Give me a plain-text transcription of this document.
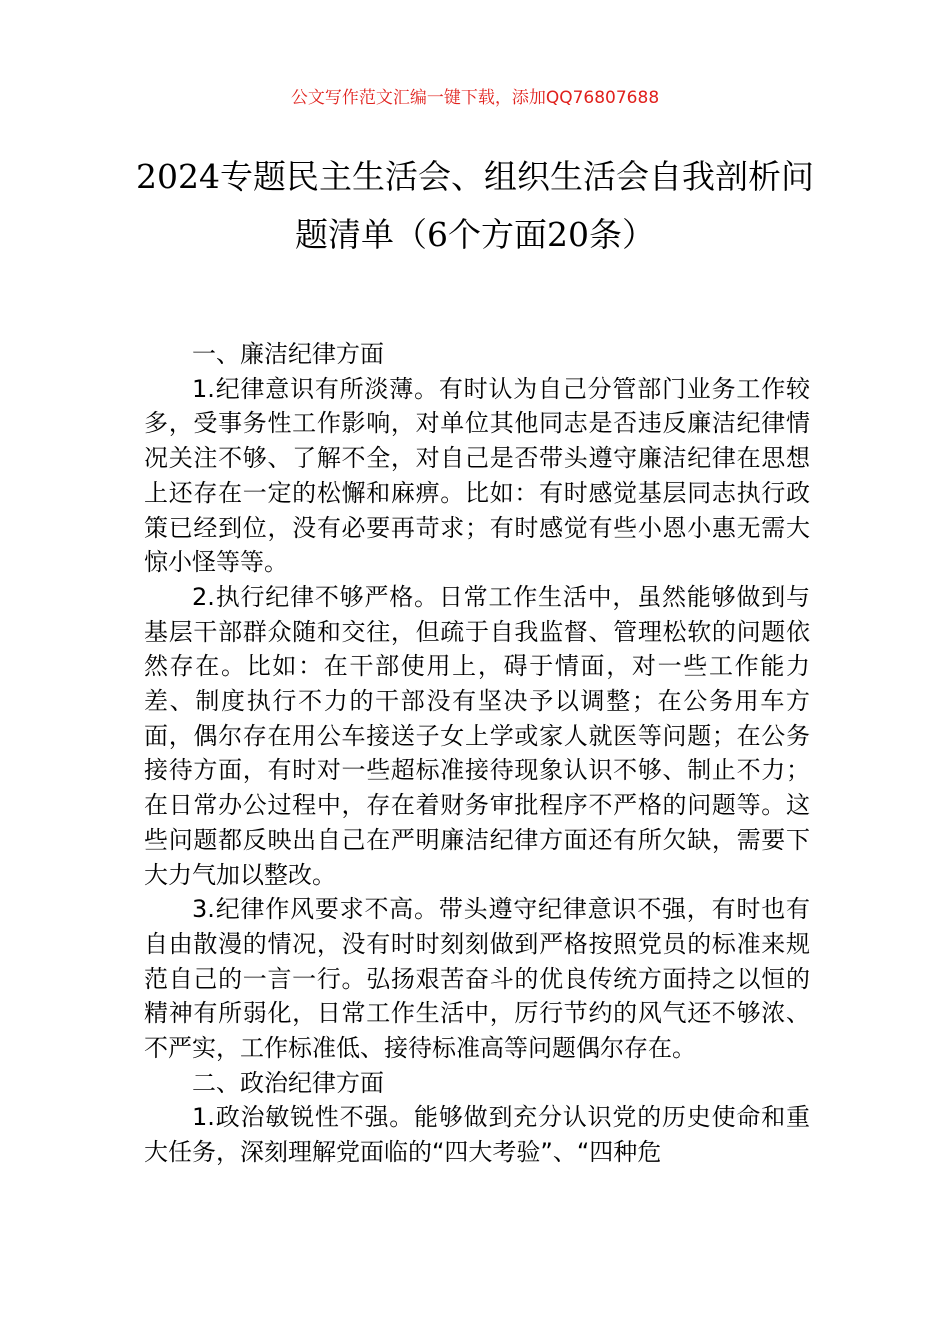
公文写作范文汇编一键下载，添加QQ76807688
2024专题民主生活会、组织生活会自我剖析问题清单（6个方面20条）

一、廉洁纪律方面

1.纪律意识有所淡薄。有时认为自己分管部门业务工作较多，受事务性工作影响，对单位其他同志是否违反廉洁纪律情况关注不够、了解不全，对自己是否带头遵守廉洁纪律在思想上还存在一定的松懈和麻痹。比如：有时感觉基层同志执行政策已经到位，没有必要再苛求；有时感觉有些小恩小惠无需大惊小怪等等。

2.执行纪律不够严格。日常工作生活中，虽然能够做到与基层干部群众随和交往，但疏于自我监督、管理松软的问题依然存在。比如：在干部使用上，碍于情面，对一些工作能力差、制度执行不力的干部没有坚决予以调整；在公务用车方面，偶尔存在用公车接送子女上学或家人就医等问题；在公务接待方面，有时对一些超标准接待现象认识不够、制止不力；在日常办公过程中，存在着财务审批程序不严格的问题等。这些问题都反映出自己在严明廉洁纪律方面还有所欠缺，需要下大力气加以整改。

3.纪律作风要求不高。带头遵守纪律意识不强，有时也有自由散漫的情况，没有时时刻刻做到严格按照党员的标准来规范自己的一言一行。弘扬艰苦奋斗的优良传统方面持之以恒的精神有所弱化，日常工作生活中，厉行节约的风气还不够浓、不严实，工作标准低、接待标准高等问题偶尔存在。

二、政治纪律方面

1.政治敏锐性不强。能够做到充分认识党的历史使命和重大任务，深刻理解党面临的“四大考验”、“四种危
